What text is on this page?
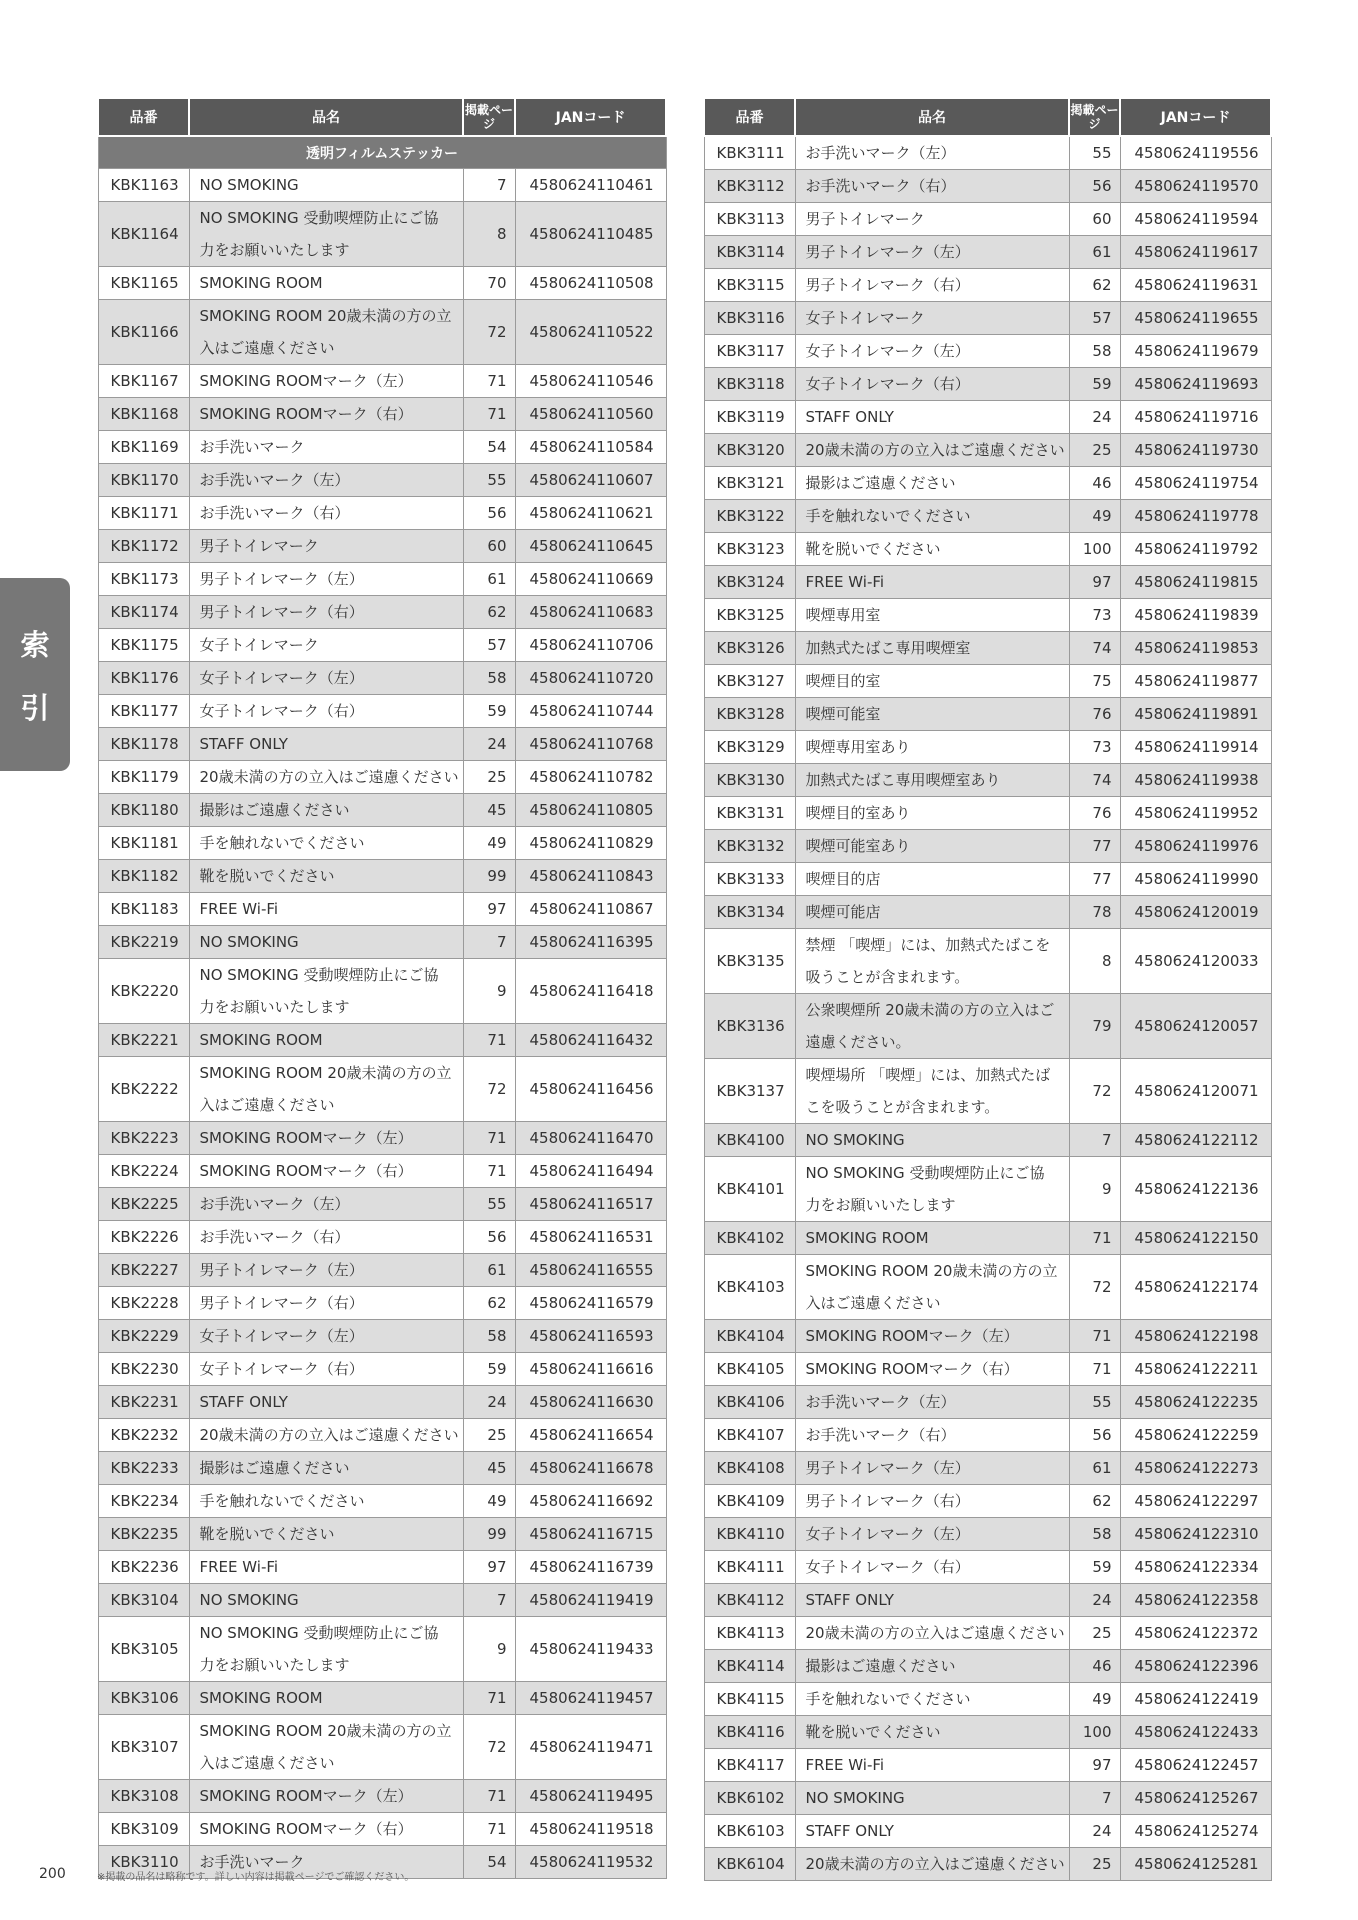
品番	品名	掲載ページ	JANコード
透明フィルムステッカー			
KBK1163	NO SMOKING	7	4580624110461
KBK1164	NO SMOKING 受動喫煙防止にご協力をお願いいたします	8	4580624110485
KBK1165	SMOKING ROOM	70	4580624110508
KBK1166	SMOKING ROOM 20歳未満の方の立入はご遠慮ください	72	4580624110522
KBK1167	SMOKING ROOMマーク（左）	71	4580624110546
KBK1168	SMOKING ROOMマーク（右）	71	4580624110560
KBK1169	お手洗いマーク	54	4580624110584
KBK1170	お手洗いマーク（左）	55	4580624110607
KBK1171	お手洗いマーク（右）	56	4580624110621
KBK1172	男子トイレマーク	60	4580624110645
KBK1173	男子トイレマーク（左）	61	4580624110669
KBK1174	男子トイレマーク（右）	62	4580624110683
KBK1175	女子トイレマーク	57	4580624110706
KBK1176	女子トイレマーク（左）	58	4580624110720
KBK1177	女子トイレマーク（右）	59	4580624110744
KBK1178	STAFF ONLY	24	4580624110768
KBK1179	20歳未満の方の立入はご遠慮ください	25	4580624110782
KBK1180	撮影はご遠慮ください	45	4580624110805
KBK1181	手を触れないでください	49	4580624110829
KBK1182	靴を脱いでください	99	4580624110843
KBK1183	FREE Wi-Fi	97	4580624110867
KBK2219	NO SMOKING	7	4580624116395
KBK2220	NO SMOKING 受動喫煙防止にご協力をお願いいたします	9	4580624116418
KBK2221	SMOKING ROOM	71	4580624116432
KBK2222	SMOKING ROOM 20歳未満の方の立入はご遠慮ください	72	4580624116456
KBK2223	SMOKING ROOMマーク（左）	71	4580624116470
KBK2224	SMOKING ROOMマーク（右）	71	4580624116494
KBK2225	お手洗いマーク（左）	55	4580624116517
KBK2226	お手洗いマーク（右）	56	4580624116531
KBK2227	男子トイレマーク（左）	61	4580624116555
KBK2228	男子トイレマーク（右）	62	4580624116579
KBK2229	女子トイレマーク（左）	58	4580624116593
KBK2230	女子トイレマーク（右）	59	4580624116616
KBK2231	STAFF ONLY	24	4580624116630
KBK2232	20歳未満の方の立入はご遠慮ください	25	4580624116654
KBK2233	撮影はご遠慮ください	45	4580624116678
KBK2234	手を触れないでください	49	4580624116692
KBK2235	靴を脱いでください	99	4580624116715
KBK2236	FREE Wi-Fi	97	4580624116739
KBK3104	NO SMOKING	7	4580624119419
KBK3105	NO SMOKING 受動喫煙防止にご協力をお願いいたします	9	4580624119433
KBK3106	SMOKING ROOM	71	4580624119457
KBK3107	SMOKING ROOM 20歳未満の方の立入はご遠慮ください	72	4580624119471
KBK3108	SMOKING ROOMマーク（左）	71	4580624119495
KBK3109	SMOKING ROOMマーク（右）	71	4580624119518
KBK3110	お手洗いマーク	54	4580624119532
品番	品名	掲載ページ	JANコード
KBK3111	お手洗いマーク（左）	55	4580624119556
KBK3112	お手洗いマーク（右）	56	4580624119570
KBK3113	男子トイレマーク	60	4580624119594
KBK3114	男子トイレマーク（左）	61	4580624119617
KBK3115	男子トイレマーク（右）	62	4580624119631
KBK3116	女子トイレマーク	57	4580624119655
KBK3117	女子トイレマーク（左）	58	4580624119679
KBK3118	女子トイレマーク（右）	59	4580624119693
KBK3119	STAFF ONLY	24	4580624119716
KBK3120	20歳未満の方の立入はご遠慮ください	25	4580624119730
KBK3121	撮影はご遠慮ください	46	4580624119754
KBK3122	手を触れないでください	49	4580624119778
KBK3123	靴を脱いでください	100	4580624119792
KBK3124	FREE Wi-Fi	97	4580624119815
KBK3125	喫煙専用室	73	4580624119839
KBK3126	加熱式たばこ専用喫煙室	74	4580624119853
KBK3127	喫煙目的室	75	4580624119877
KBK3128	喫煙可能室	76	4580624119891
KBK3129	喫煙専用室あり	73	4580624119914
KBK3130	加熱式たばこ専用喫煙室あり	74	4580624119938
KBK3131	喫煙目的室あり	76	4580624119952
KBK3132	喫煙可能室あり	77	4580624119976
KBK3133	喫煙目的店	77	4580624119990
KBK3134	喫煙可能店	78	4580624120019
KBK3135	禁煙 「喫煙」には、加熱式たばこを吸うことが含まれます。	8	4580624120033
KBK3136	公衆喫煙所 20歳未満の方の立入はご遠慮ください。	79	4580624120057
KBK3137	喫煙場所 「喫煙」には、加熱式たばこを吸うことが含まれます。	72	4580624120071
KBK4100	NO SMOKING	7	4580624122112
KBK4101	NO SMOKING 受動喫煙防止にご協力をお願いいたします	9	4580624122136
KBK4102	SMOKING ROOM	71	4580624122150
KBK4103	SMOKING ROOM 20歳未満の方の立入はご遠慮ください	72	4580624122174
KBK4104	SMOKING ROOMマーク（左）	71	4580624122198
KBK4105	SMOKING ROOMマーク（右）	71	4580624122211
KBK4106	お手洗いマーク（左）	55	4580624122235
KBK4107	お手洗いマーク（右）	56	4580624122259
KBK4108	男子トイレマーク（左）	61	4580624122273
KBK4109	男子トイレマーク（右）	62	4580624122297
KBK4110	女子トイレマーク（左）	58	4580624122310
KBK4111	女子トイレマーク（右）	59	4580624122334
KBK4112	STAFF ONLY	24	4580624122358
KBK4113	20歳未満の方の立入はご遠慮ください	25	4580624122372
KBK4114	撮影はご遠慮ください	46	4580624122396
KBK4115	手を触れないでください	49	4580624122419
KBK4116	靴を脱いでください	100	4580624122433
KBK4117	FREE Wi-Fi	97	4580624122457
KBK6102	NO SMOKING	7	4580624125267
KBK6103	STAFF ONLY	24	4580624125274
KBK6104	20歳未満の方の立入はご遠慮ください	25	4580624125281
索
引
200	※掲載の品名は略称です。詳しい内容は掲載ページでご確認ください。
